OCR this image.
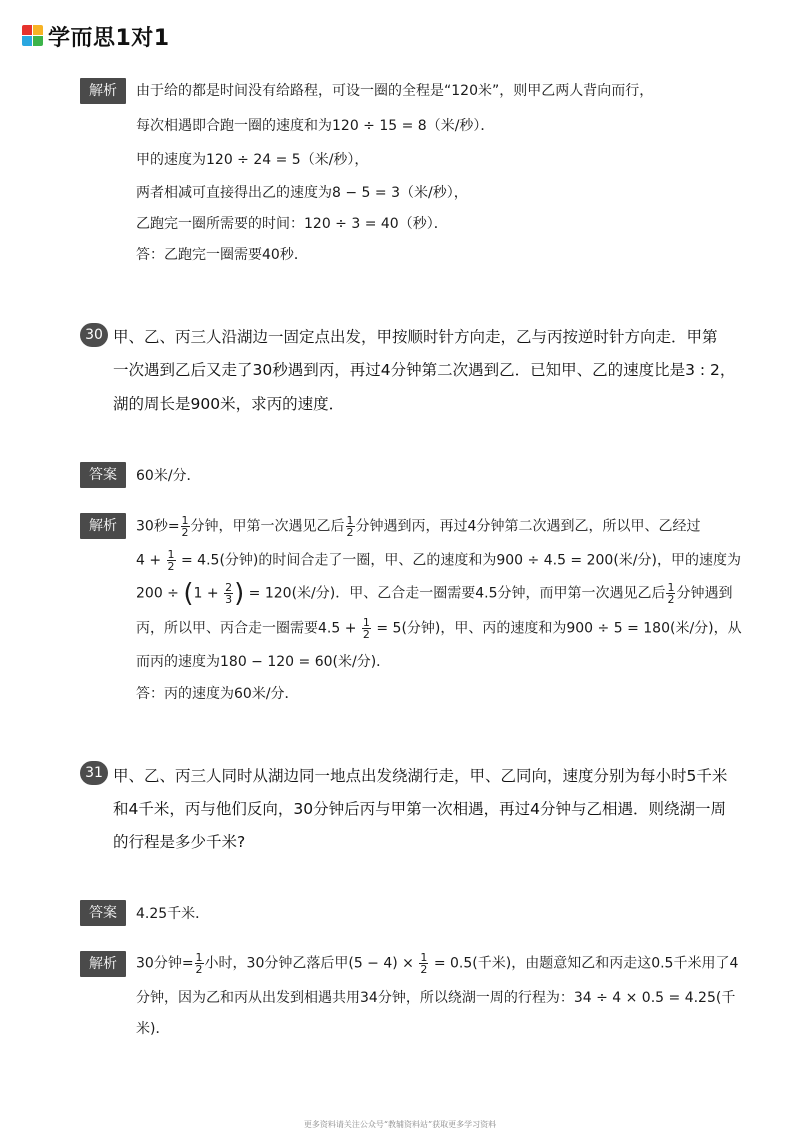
学而思1对1
解析	由于给的都是时间没有给路程，可设一圈的全程是“120米”，则甲乙两人背向而行，
每次相遇即合跑一圈的速度和为120 ÷ 15 = 8（米/秒）．
甲的速度为120 ÷ 24 = 5（米/秒），
两者相减可直接得出乙的速度为8 − 5 = 3（米/秒），
乙跑完一圈所需要的时间：120 ÷ 3 = 40（秒）．
答：乙跑完一圈需要40秒．
30 甲、乙、丙三人沿湖边一固定点出发，甲按顺时针方向走，乙与丙按逆时针方向走．甲第
一次遇到乙后又走了30秒遇到丙，再过4分钟第二次遇到乙．已知甲、乙的速度比是3 : 2，
湖的周长是900米，求丙的速度．
答案	60米/分．
解析	30秒= $\frac{1}{2}$ 分钟，甲第一次遇见乙后 $\frac{1}{2}$ 分钟遇到丙，再过4分钟第二次遇到乙，所以甲、乙经过
$4 + \frac{1}{2} = 4.5$(分钟)的时间合走了一圈，甲、乙的速度和为900 ÷ 4.5 = 200(米/分)，甲的速度为
$200 \div (1 + \frac{2}{3}$ ) = 120(米/分)．甲、乙合走一圈需要4.5分钟，而甲第一次遇见乙后 $\frac{1}{2}$ 分钟遇到
丙，所以甲、丙合走一圈需要$4.5 + \frac{1}{2} = 5$(分钟)，甲、丙的速度和为900 ÷ 5 = 180(米/分)，从
而丙的速度为180 − 120 = 60(米/分)．
答：丙的速度为60米/分．
31 甲、乙、丙三人同时从湖边同一地点出发绕湖行走，甲、乙同向，速度分别为每小时5千米
和4千米，丙与他们反向，30分钟后丙与甲第一次相遇，再过4分钟与乙相遇．则绕湖一周
的行程是多少千米?
答案	4.25千米．
解析	30分钟= $\frac{1}{2}$ 小时，30分钟乙落后甲$(5 - 4) \times \frac{1}{2} = 0.5$(千米)，由题意知乙和丙走这0.5千米用了4
分钟，因为乙和丙从出发到相遇共用34分钟，所以绕湖一周的行程为：34 ÷ 4 × 0.5 = 4.25(千
米)．
更多资料请关注公众号“教辅资料站”获取更多学习资料
